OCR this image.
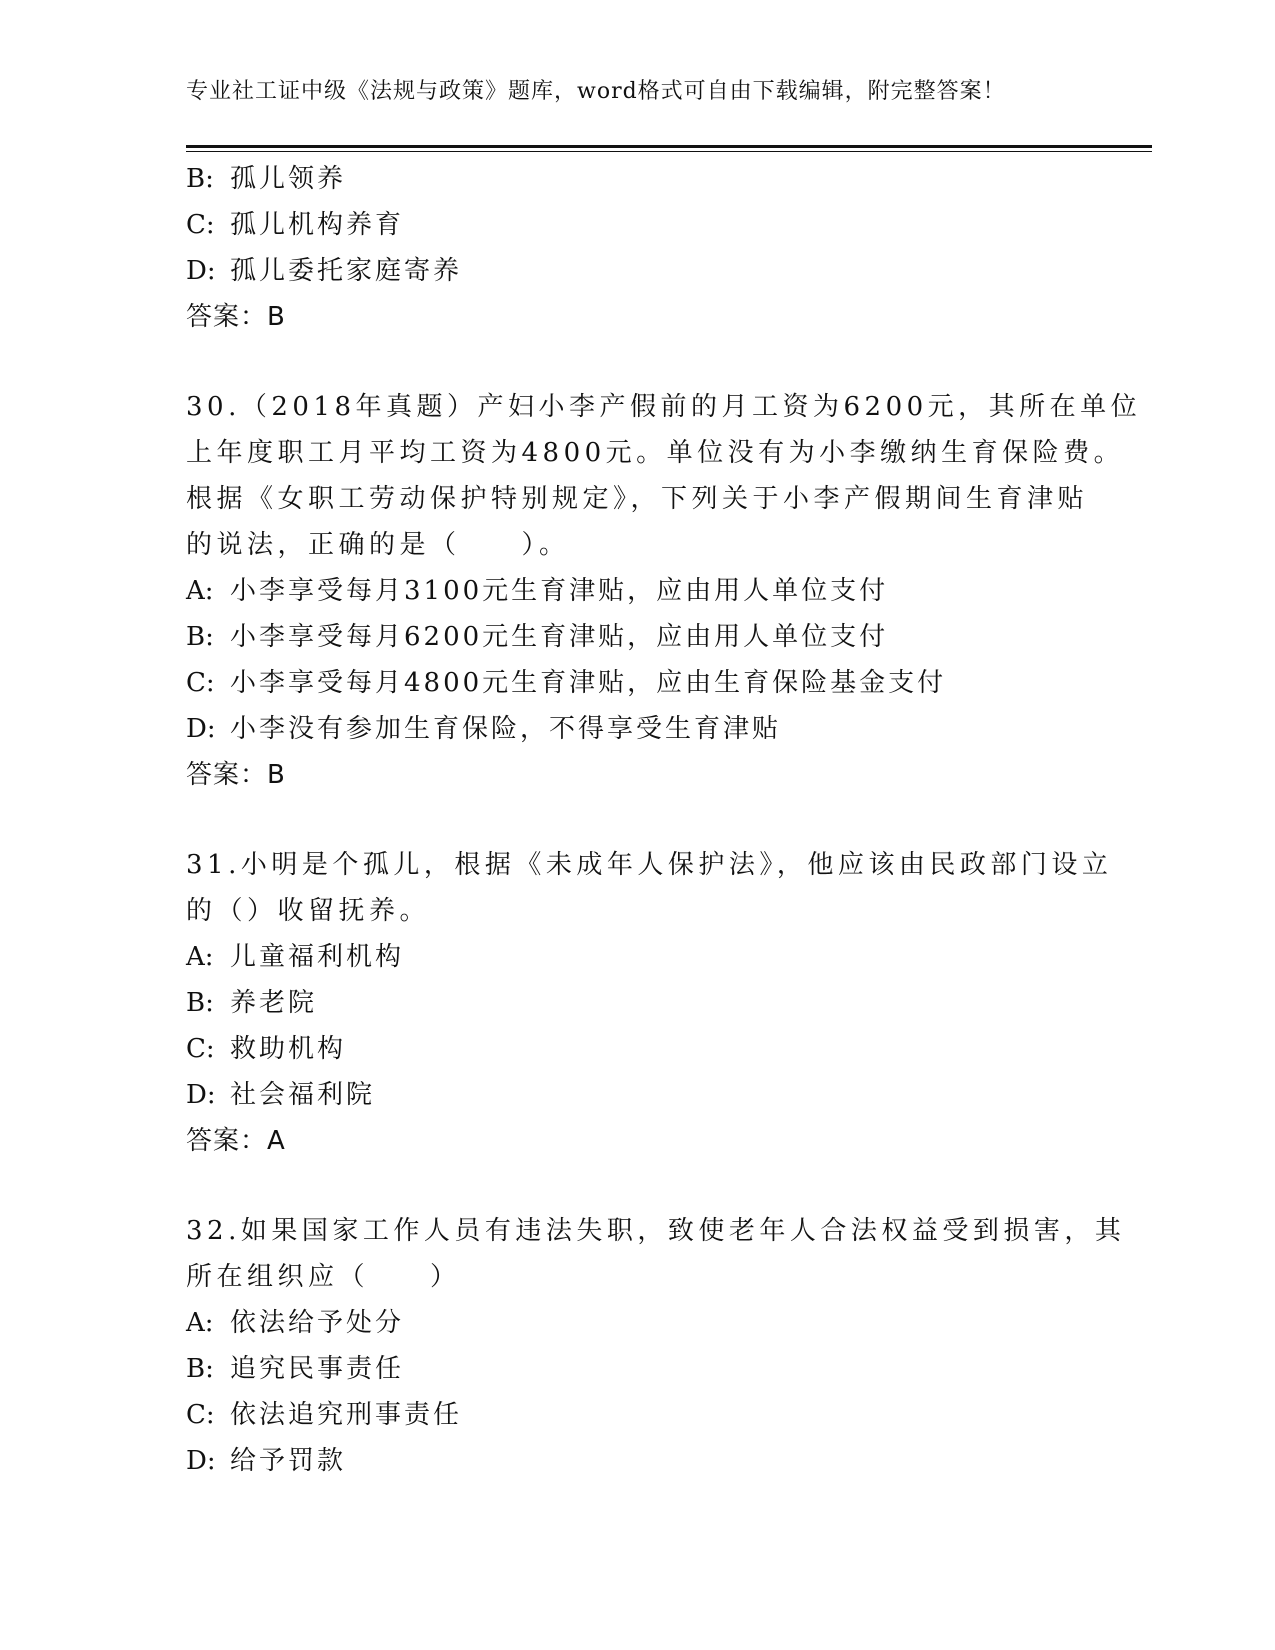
专业社工证中级《法规与政策》题库，word格式可自由下载编辑，附完整答案！
B: 孤儿领养
C: 孤儿机构养育
D: 孤儿委托家庭寄养
答案：B
30.（2018年真题）产妇小李产假前的月工资为6200元，其所在单位
上年度职工月平均工资为4800元。单位没有为小李缴纳生育保险费。
根据《女职工劳动保护特别规定》，下列关于小李产假期间生育津贴
的说法，正确的是（　　）。
A: 小李享受每月3100元生育津贴，应由用人单位支付
B: 小李享受每月6200元生育津贴，应由用人单位支付
C: 小李享受每月4800元生育津贴，应由生育保险基金支付
D: 小李没有参加生育保险，不得享受生育津贴
答案：B
31.小明是个孤儿，根据《未成年人保护法》，他应该由民政部门设立
的（）收留抚养。
A: 儿童福利机构
B: 养老院
C: 救助机构
D: 社会福利院
答案：A
32.如果国家工作人员有违法失职，致使老年人合法权益受到损害，其
所在组织应（　　）
A: 依法给予处分
B: 追究民事责任
C: 依法追究刑事责任
D: 给予罚款
